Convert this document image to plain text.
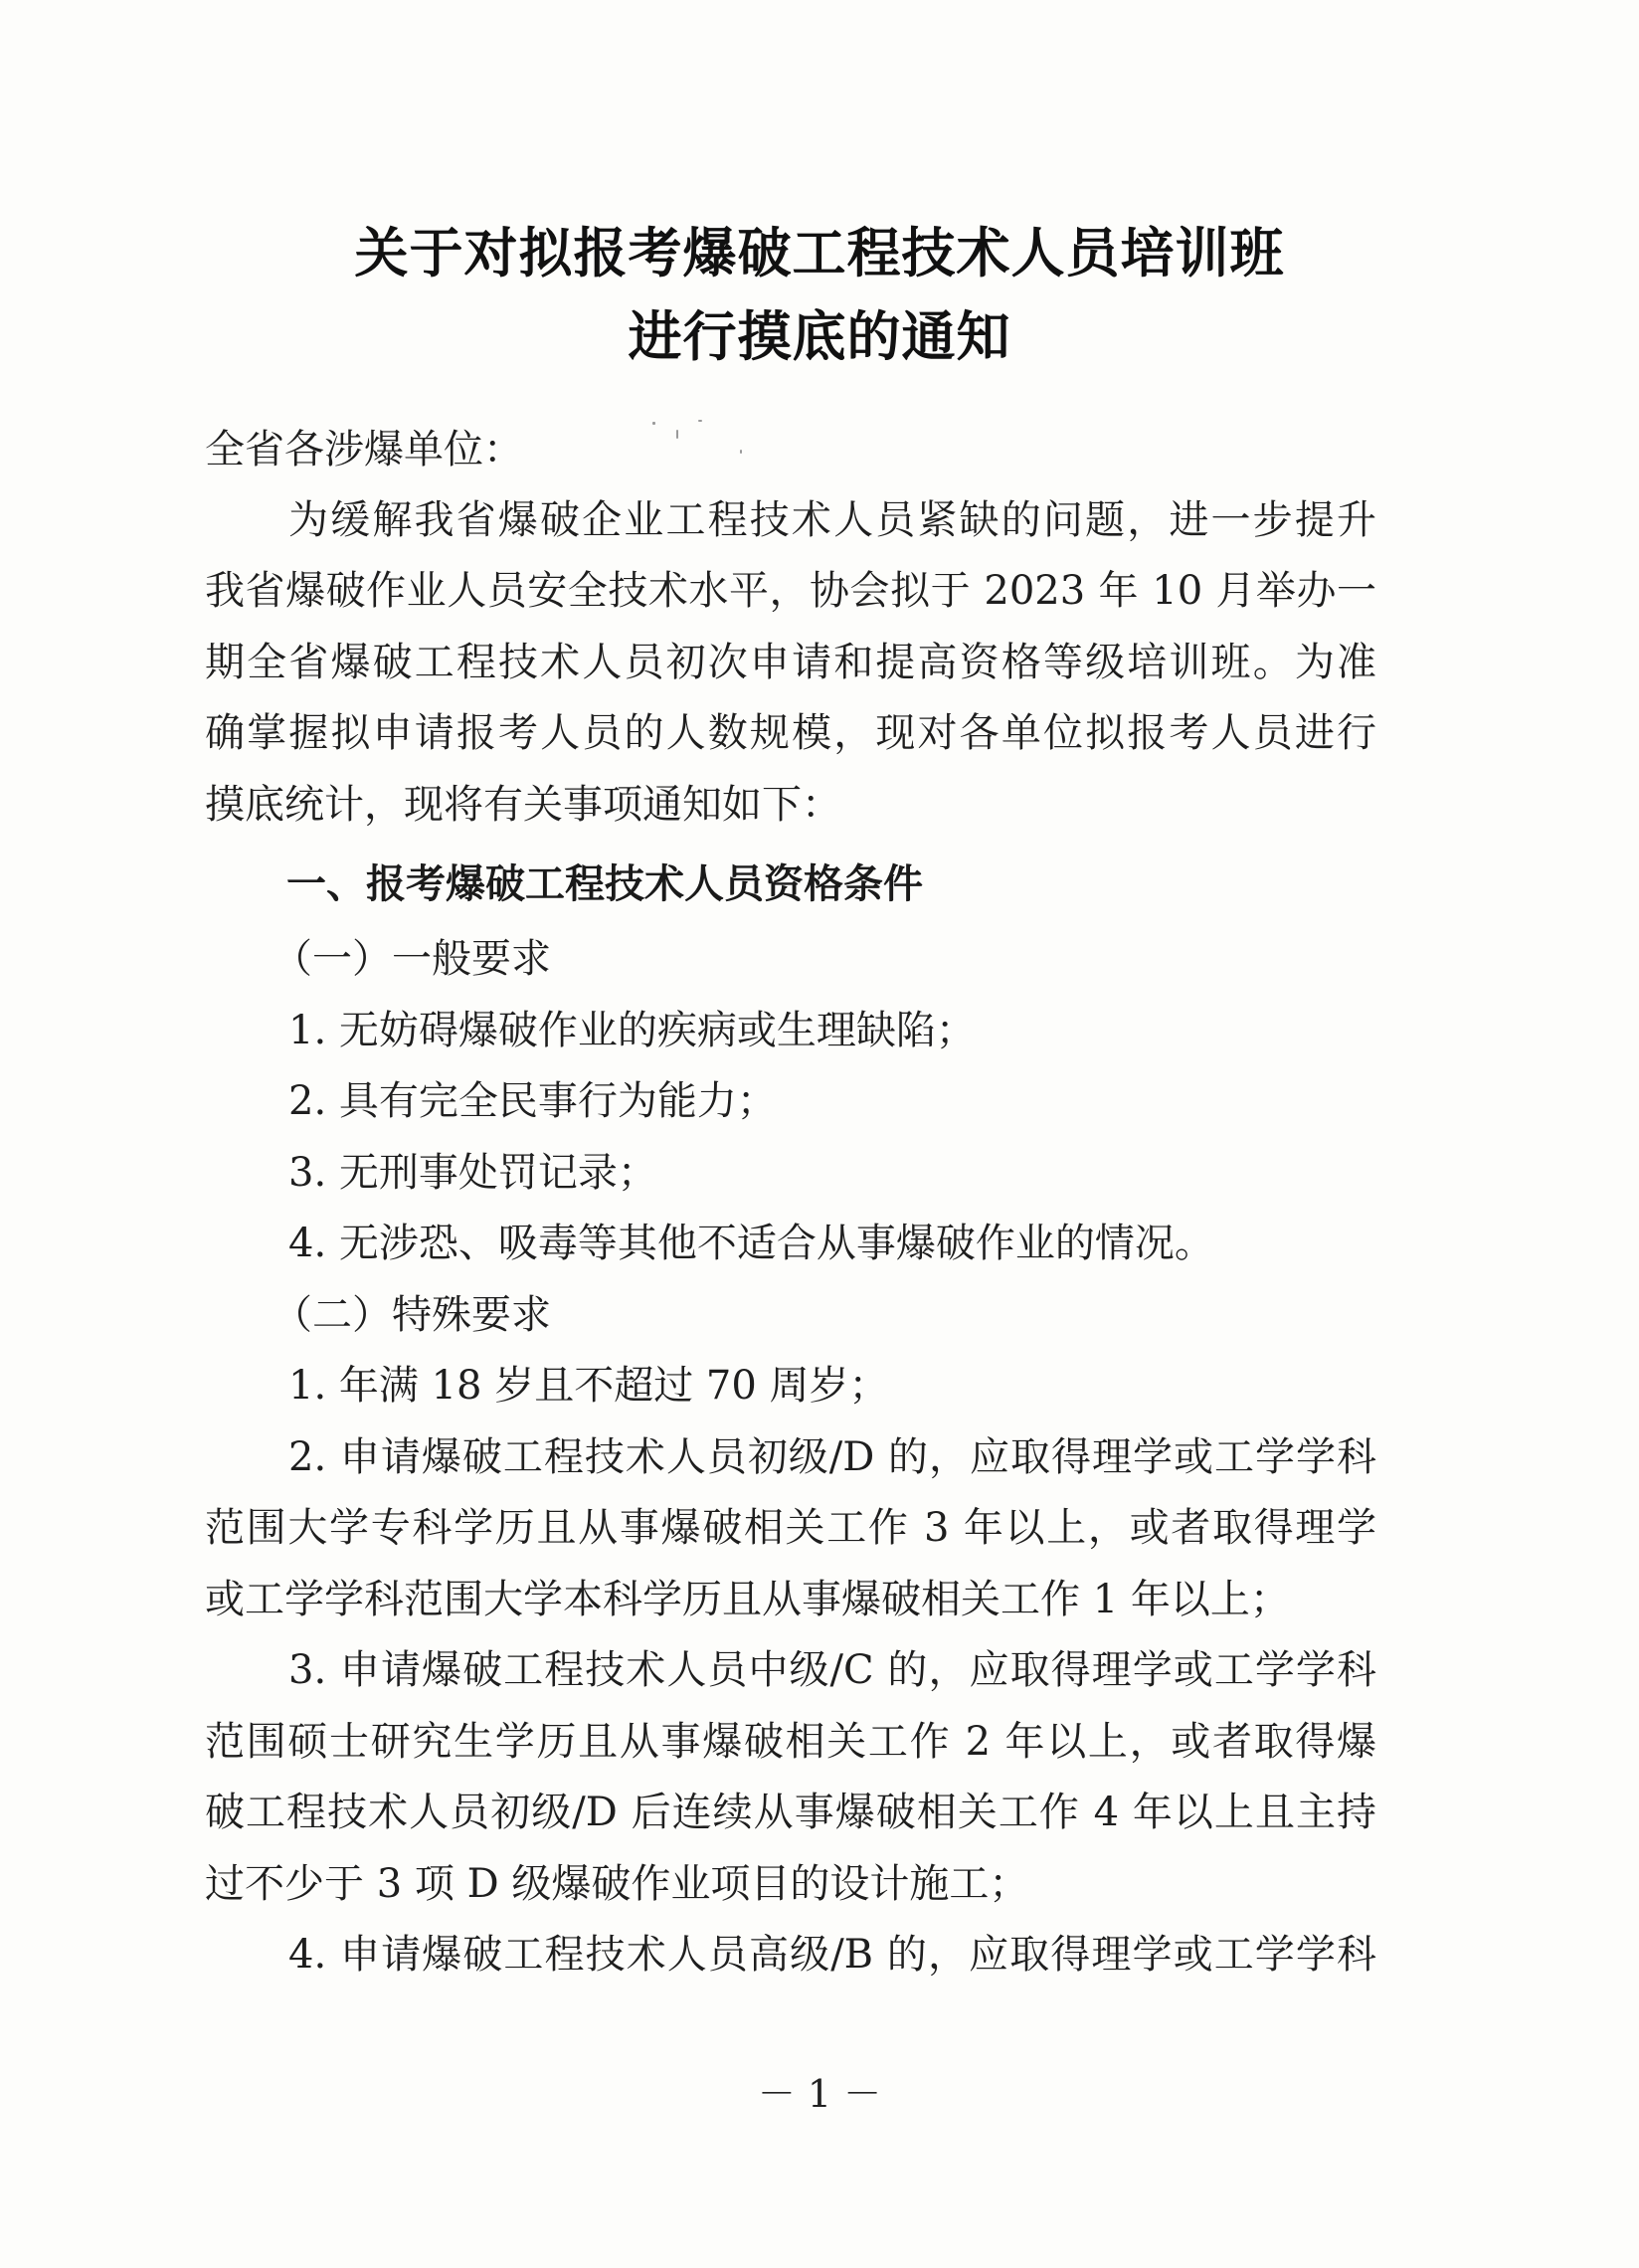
关于对拟报考爆破工程技术人员培训班
进行摸底的通知
全省各涉爆单位：
为缓解我省爆破企业工程技术人员紧缺的问题，进一步提升
我省爆破作业人员安全技术水平，协会拟于 2023 年 10 月举办一
期全省爆破工程技术人员初次申请和提高资格等级培训班。为准
确掌握拟申请报考人员的人数规模，现对各单位拟报考人员进行
摸底统计，现将有关事项通知如下：
一、报考爆破工程技术人员资格条件
（一）一般要求
1. 无妨碍爆破作业的疾病或生理缺陷；
2. 具有完全民事行为能力；
3. 无刑事处罚记录；
4. 无涉恐、吸毒等其他不适合从事爆破作业的情况。
（二）特殊要求
1. 年满 18 岁且不超过 70 周岁；
2. 申请爆破工程技术人员初级/D 的，应取得理学或工学学科
范围大学专科学历且从事爆破相关工作 3 年以上，或者取得理学
或工学学科范围大学本科学历且从事爆破相关工作 1 年以上；
3. 申请爆破工程技术人员中级/C 的，应取得理学或工学学科
范围硕士研究生学历且从事爆破相关工作 2 年以上，或者取得爆
破工程技术人员初级/D 后连续从事爆破相关工作 4 年以上且主持
过不少于 3 项 D 级爆破作业项目的设计施工；
4. 申请爆破工程技术人员高级/B 的，应取得理学或工学学科
－ 1 －
